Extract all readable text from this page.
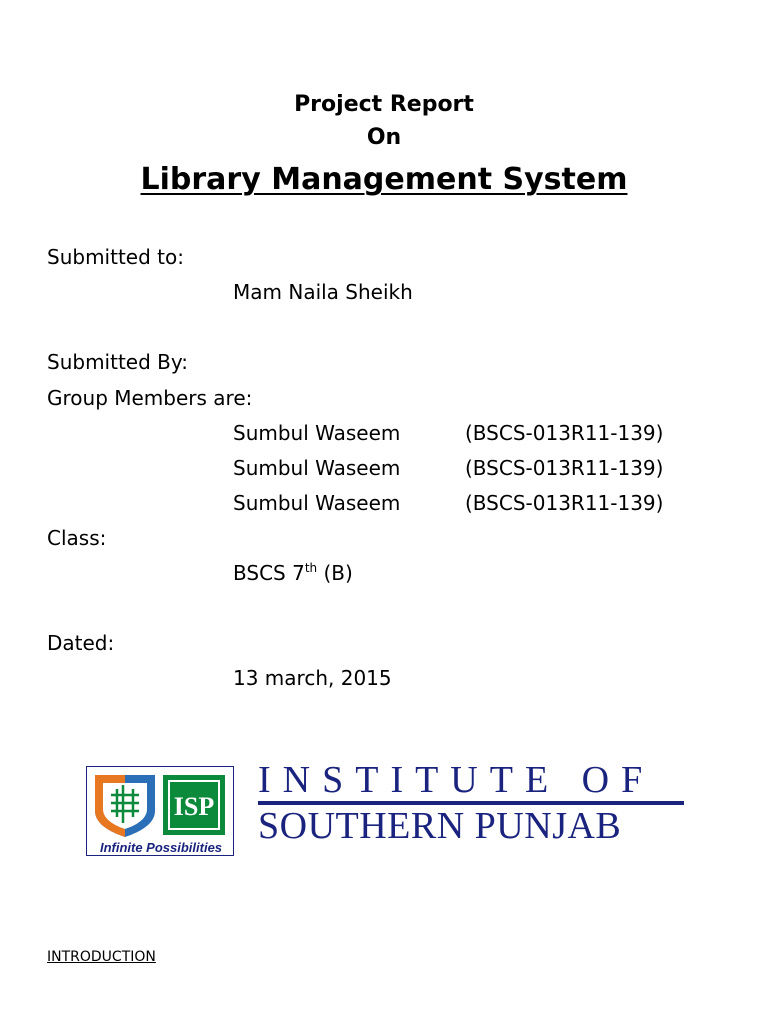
Project Report
On
Library Management System
Submitted to:
Mam Naila Sheikh
Submitted By:
Group Members are:
Sumbul Waseem	(BSCS-013R11-139)
Sumbul Waseem	(BSCS-013R11-139)
Sumbul Waseem	(BSCS-013R11-139)
Class:
BSCS 7th (B)
Dated:
13 march, 2015
ISP
Infinite Possibilities
INSTITUTE OF
SOUTHERN PUNJAB
INTRODUCTION
